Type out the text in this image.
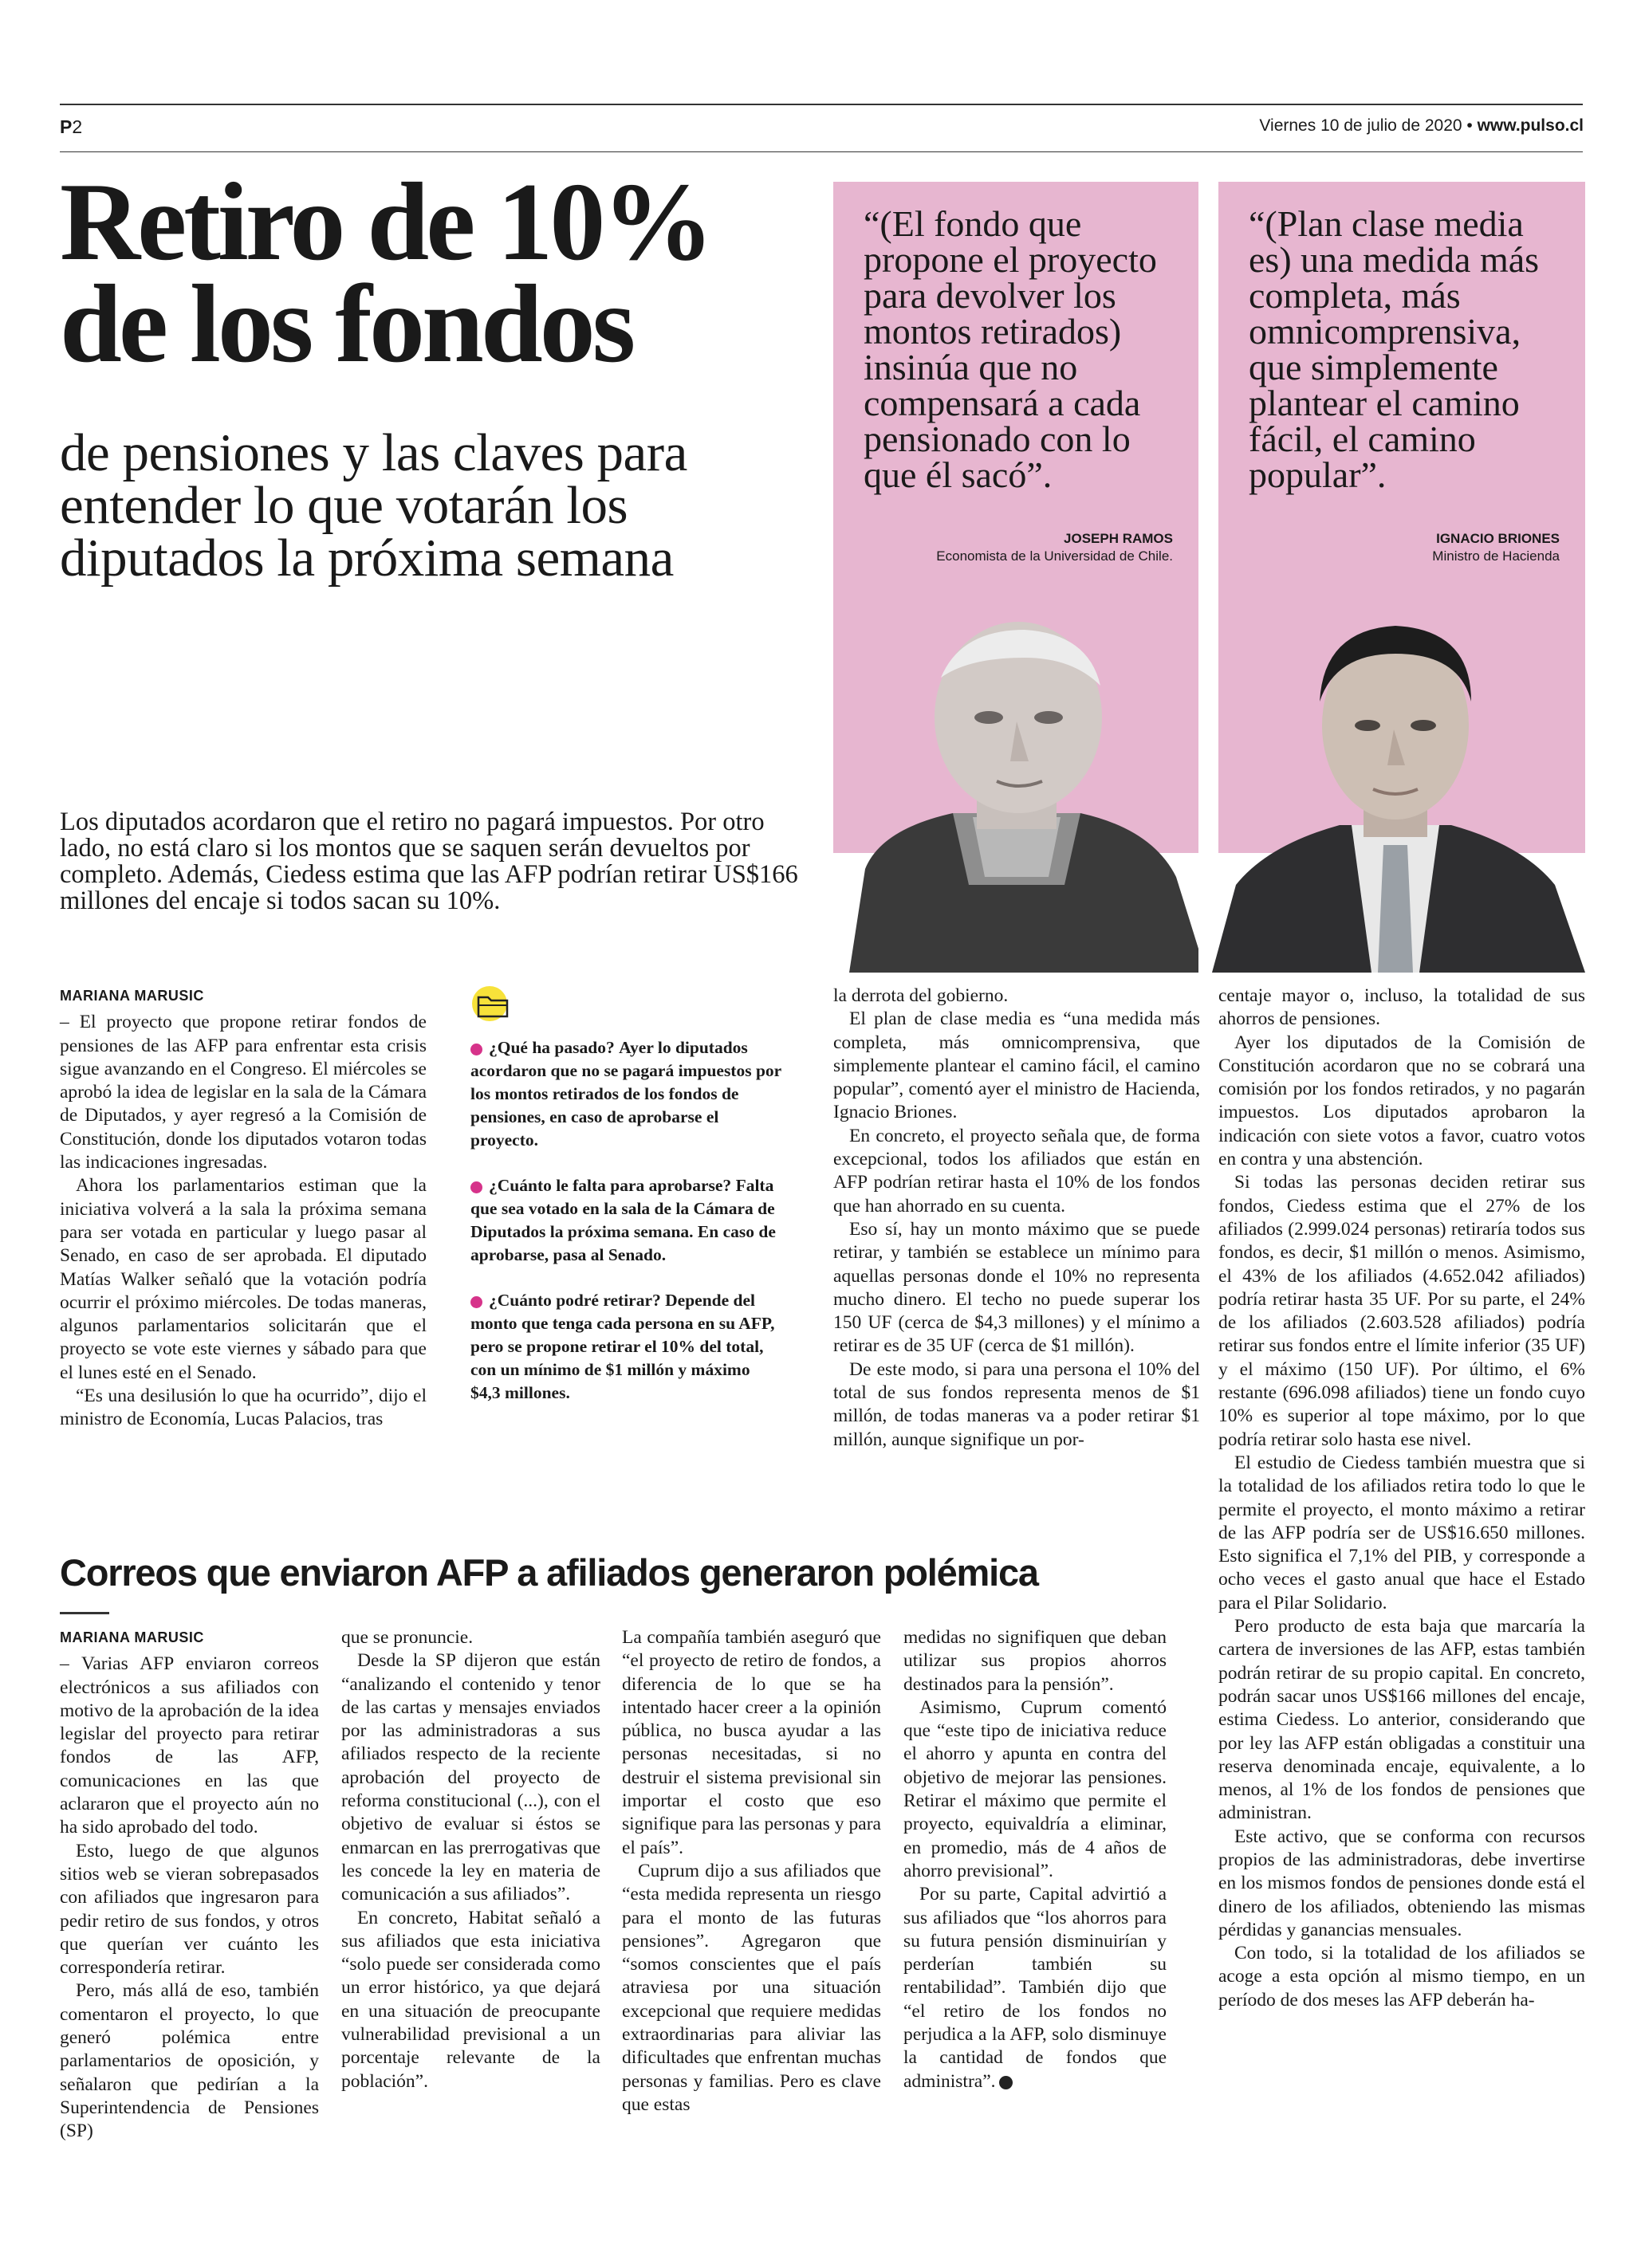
P2	Viernes 10 de julio de 2020 • www.pulso.cl
Retiro de 10% de los fondos
de pensiones y las claves para entender lo que votarán los diputados la próxima semana
Los diputados acordaron que el retiro no pagará impuestos. Por otro lado, no está claro si los montos que se saquen serán devueltos por completo. Además, Ciedess estima que las AFP podrían retirar US$166 millones del encaje si todos sacan su 10%.
“(El fondo que propone el proyecto para devolver los montos retirados) insinúa que no compensará a cada pensionado con lo que él sacó”.
JOSEPH RAMOS
Economista de la Universidad de Chile.
“(Plan clase media es) una medida más completa, más omnicomprensiva, que simplemente plantear el camino fácil, el camino popular”.
IGNACIO BRIONES
Ministro de Hacienda
MARIANA MARUSIC

– El proyecto que propone retirar fondos de pensiones de las AFP para enfrentar esta crisis sigue avanzando en el Congreso. El miércoles se aprobó la idea de legislar en la sala de la Cámara de Diputados, y ayer regresó a la Comisión de Constitución, donde los diputados votaron todas las indicaciones ingresadas.

Ahora los parlamentarios estiman que la iniciativa volverá a la sala la próxima semana para ser votada en particular y luego pasar al Senado, en caso de ser aprobada. El diputado Matías Walker señaló que la votación podría ocurrir el próximo miércoles. De todas maneras, algunos parlamentarios solicitarán que el proyecto se vote este viernes y sábado para que el lunes esté en el Senado.

“Es una desilusión lo que ha ocurrido”, dijo el ministro de Economía, Lucas Palacios, tras

¿Qué ha pasado? Ayer lo diputados acordaron que no se pagará impuestos por los montos retirados de los fondos de pensiones, en caso de aprobarse el proyecto.
¿Cuánto le falta para aprobarse? Falta que sea votado en la sala de la Cámara de Diputados la próxima semana. En caso de aprobarse, pasa al Senado.
¿Cuánto podré retirar? Depende del monto que tenga cada persona en su AFP, pero se propone retirar el 10% del total, con un mínimo de $1 millón y máximo $4,3 millones.

la derrota del gobierno.

El plan de clase media es “una medida más completa, más omnicomprensiva, que simplemente plantear el camino fácil, el camino popular”, comentó ayer el ministro de Hacienda, Ignacio Briones.

En concreto, el proyecto señala que, de forma excepcional, todos los afiliados que están en AFP podrían retirar hasta el 10% de los fondos que han ahorrado en su cuenta.

Eso sí, hay un monto máximo que se puede retirar, y también se establece un mínimo para aquellas personas donde el 10% no representa mucho dinero. El techo no puede superar los 150 UF (cerca de $4,3 millones) y el mínimo a retirar es de 35 UF (cerca de $1 millón).

De este modo, si para una persona el 10% del total de sus fondos representa menos de $1 millón, de todas maneras va a poder retirar $1 millón, aunque signifique un por-

centaje mayor o, incluso, la totalidad de sus ahorros de pensiones.

Ayer los diputados de la Comisión de Constitución acordaron que no se cobrará una comisión por los fondos retirados, y no pagarán impuestos. Los diputados aprobaron la indicación con siete votos a favor, cuatro votos en contra y una abstención.

Si todas las personas deciden retirar sus fondos, Ciedess estima que el 27% de los afiliados (2.999.024 personas) retiraría todos sus fondos, es decir, $1 millón o menos. Asimismo, el 43% de los afiliados (4.652.042 afiliados) podría retirar hasta 35 UF. Por su parte, el 24% de los afiliados (2.603.528 afiliados) podría retirar sus fondos entre el límite inferior (35 UF) y el máximo (150 UF). Por último, el 6% restante (696.098 afiliados) tiene un fondo cuyo 10% es superior al tope máximo, por lo que podría retirar solo hasta ese nivel.

El estudio de Ciedess también muestra que si la totalidad de los afiliados retira todo lo que le permite el proyecto, el monto máximo a retirar de las AFP podría ser de US$16.650 millones. Esto significa el 7,1% del PIB, y corresponde a ocho veces el gasto anual que hace el Estado para el Pilar Solidario.

Pero producto de esta baja que marcaría la cartera de inversiones de las AFP, estas también podrán retirar de su propio capital. En concreto, podrán sacar unos US$166 millones del encaje, estima Ciedess. Lo anterior, considerando que por ley las AFP están obligadas a constituir una reserva denominada encaje, equivalente, a lo menos, al 1% de los fondos de pensiones que administran.

Este activo, que se conforma con recursos propios de las administradoras, debe invertirse en los mismos fondos de pensiones donde está el dinero de los afiliados, obteniendo las mismas pérdidas y ganancias mensuales.

Con todo, si la totalidad de los afiliados se acoge a esta opción al mismo tiempo, en un período de dos meses las AFP deberán ha-

Correos que enviaron AFP a afiliados generaron polémica
MARIANA MARUSIC

– Varias AFP enviaron correos electrónicos a sus afiliados con motivo de la aprobación de la idea legislar del proyecto para retirar fondos de las AFP, comunicaciones en las que aclararon que el proyecto aún no ha sido aprobado del todo.

Esto, luego de que algunos sitios web se vieran sobrepasados con afiliados que ingresaron para pedir retiro de sus fondos, y otros que querían ver cuánto les correspondería retirar.

Pero, más allá de eso, también comentaron el proyecto, lo que generó polémica entre parlamentarios de oposición, y señalaron que pedirían a la Superintendencia de Pensiones (SP)

que se pronuncie.

Desde la SP dijeron que están “analizando el contenido y tenor de las cartas y mensajes enviados por las administradoras a sus afiliados respecto de la reciente aprobación del proyecto de reforma constitucional (...), con el objetivo de evaluar si éstos se enmarcan en las prerrogativas que les concede la ley en materia de comunicación a sus afiliados”.

En concreto, Habitat señaló a sus afiliados que esta iniciativa “solo puede ser considerada como un error histórico, ya que dejará en una situación de preocupante vulnerabilidad previsional a un porcentaje relevante de la población”.

La compañía también aseguró que “el proyecto de retiro de fondos, a diferencia de lo que se ha intentado hacer creer a la opinión pública, no busca ayudar a las personas necesitadas, si no destruir el sistema previsional sin importar el costo que eso signifique para las personas y para el país”.

Cuprum dijo a sus afiliados que “esta medida representa un riesgo para el monto de las futuras pensiones”. Agregaron que “somos conscientes que el país atraviesa por una situación excepcional que requiere medidas extraordinarias para aliviar las dificultades que enfrentan muchas personas y familias. Pero es clave que estas

medidas no signifiquen que deban utilizar sus propios ahorros destinados para la pensión”.

Asimismo, Cuprum comentó que “este tipo de iniciativa reduce el ahorro y apunta en contra del objetivo de mejorar las pensiones. Retirar el máximo que permite el proyecto, equivaldría a eliminar, en promedio, más de 4 años de ahorro previsional”.

Por su parte, Capital advirtió a sus afiliados que “los ahorros para su futura pensión disminuirían y perderían también su rentabilidad”. También dijo que “el retiro de los fondos no perjudica a la AFP, solo disminuye la cantidad de fondos que administra”. P
